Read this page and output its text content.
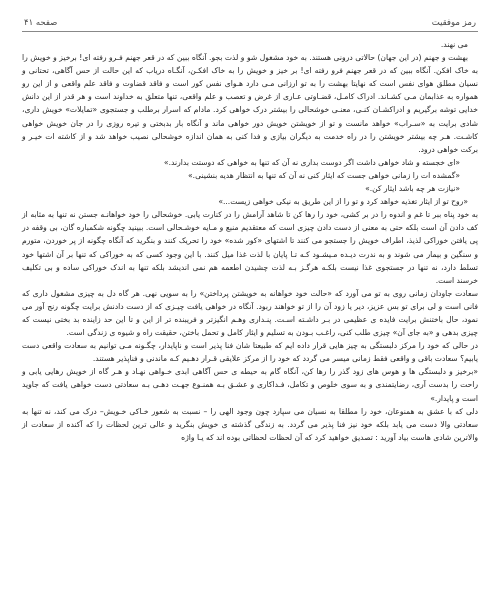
رمز موفقیت
صفحه ۴۱

می نهند.

بهشت و جهنم (در این جهان) حالاتی درونی هستند. به خود مشغول شو و لذت بجو. آنگاه ببین که در قعر جهنم فـرو رفته ای! برخیز و خویش را به خاک افکن. آنگاه ببین که در قعر جهنم فرو رفته ای! بر خیز و خویش را به خاک افکـن، آنگـاه دریاب که این حالت از حس آگاهی، تحتانی و نسیان مطلق هوای نفس است که نهایتا بهشت را به تو ارزانی مـی دارد هـوای نفس کور است و فاقد قضاوت و فاقد علم واقعی و از این رو همواره به عذابمان مـی کشـاند. ادراک کامـل، قضـاوتی عـاری از غرض و تعصب و علم واقعی، تنها متعلق به خداوند است و هر قدر از این دانش خدایی توشه برگیریم و ادراکشـان کنـی، معنـی خوشحالی را بیشتر درک خواهی کرد. مادام که اسرار برطلب و جستجوی «تمایلات» خویش داری، شادی برایت به «سـراب» خواهد مانست و تو از خویشتن خویش دور خواهی ماند و آنگاه بار بدبختی و تیره روزی را در جان خویش خواهی کاشـت. هـر چه بیشتر خویشتن را در راه خدمت به دیگران بیازی و فدا کنی به همان اندازه خوشحالی نصیب خواهد شد و از کاشته ات خیـر و برکت خواهی درود.

«ای خجسته و شاد خواهی داشت اگر دوست بداری نه آن که تنها به خواهی که دوستت بدارند.»

«گمشده ات را زمانی خواهی جست که ایثار کنی نه آن که تنها به انتظار هدیه بنشینی.»

«نیازت هر چه باشد ایثار کن.»

«روح تو از ایثار تغذیه خواهد کرد و تو را از این طریق به نیکی خواهی زیست...»

به خود پناه ببر تا غم و اندوه را در بر کشی، خود را رها کن تا شاهد آرامش را در کنارت یابی. خوشحالی را خود خواهانـه جستن نه تنها به مثابه از کف دادن آن است بلکه حتی به معنی از دست دادن چیزی است که معتقدیم منبع و مـایه خوشـحالی است. ببینید چگونه شکمباره گان، بی وقفه در پی یافتن خوراکی لذیذ، اطراف خویش را جستجو می کنند تا اشتهای «کور شده» خود را تحریک کنند و بنگرید که آنگاه چگونه از پر خوردن، متورم و سنگین و بیمار می شوند و به ندرت دیـده مـیشـود کـه تـا پایان با لذت غذا میل کنند. با این وجود کسی که به خوراکی که تنها بر آن اشتها خود تسلط دارد، نه تنها در جستجوی غذا نیست بلکـه هرگـز بـه لذت چشیدن اطعمه هم نمی اندیشد بلکه تنها به اندک خوراکی ساده و بی تکلیف خرسند است.

سعادت جاودان زمانی روی به تو می آورد که «حالت خود خواهانه به خویشتن پرداختن» را به سویی نهی. هر گاه دل به چیزی مشغول داری که فانی است و لی برای تو بس عزیز، دیر یا زود آن را از تو خواهند ربود. آنگاه در خواهی یافت چیـزی که از دست دادنش برایت چگونه رنج آور می نمود، حال باختنش برایت فایده ی عظیمی در بـر داشـته اسـت. پنـداری وهـم انگیزتر و فریبنده تر از این و تا این حد زاینده بد بختی نیست که چیزی بدهی و «به جای آن» چیزی طلب کنی، راغـب بـودن به تسلیم و ایثار کامل و تحمل باختن، حقیقت راه و شیوه ی زندگی است.

در حالی که خود را مرکز دلبستگی به چیز هایی قرار داده ایم که طبیعتا شان فنا پذیر است و ناپایدار، چگـونه مـی توانیم به سعادت واقعی دست یابیم؟ سعادت باقی و واقعی فقط زمانی میسر می گردد که خود را از مرکز علایقی قـرار دهـیم کـه ماندنی و فناپذیر هستند.

«برخیز و دلبستگی ها و هوس های زود گذر را رها کن، آنگاه گام به حیطه ی حس آگاهی ابدی خـواهی نهـاد و هـر گاه از خویش رهایی یابی و راحت را بدست آری، رضایتمندی و به سوی خلوص و تکامل، فـداکاری و عشـق بـه همنـوع جهـت دهـی بـه سعادتی دست خواهی یافت که جاوید است و پایدار.»

دلی که با عشق به همنوعان، خود را مطلقا به نسیان می سپارد چون وجود الهی را – نسبت به شعور خـاکی خـویش– درک می کند، نه تنها به سعادتی والا دست می یابد بلکه خود نیز فنا پذیر می گردد. به زندگی گذشته ی خویش بنگرید و عالی ترین لحظات را که آکنده از سعادت از والاترین شادی هاست بیاد آورید : تصدیق خواهید کرد که آن لحظات لحظاتی بوده اند که یـا واژه
